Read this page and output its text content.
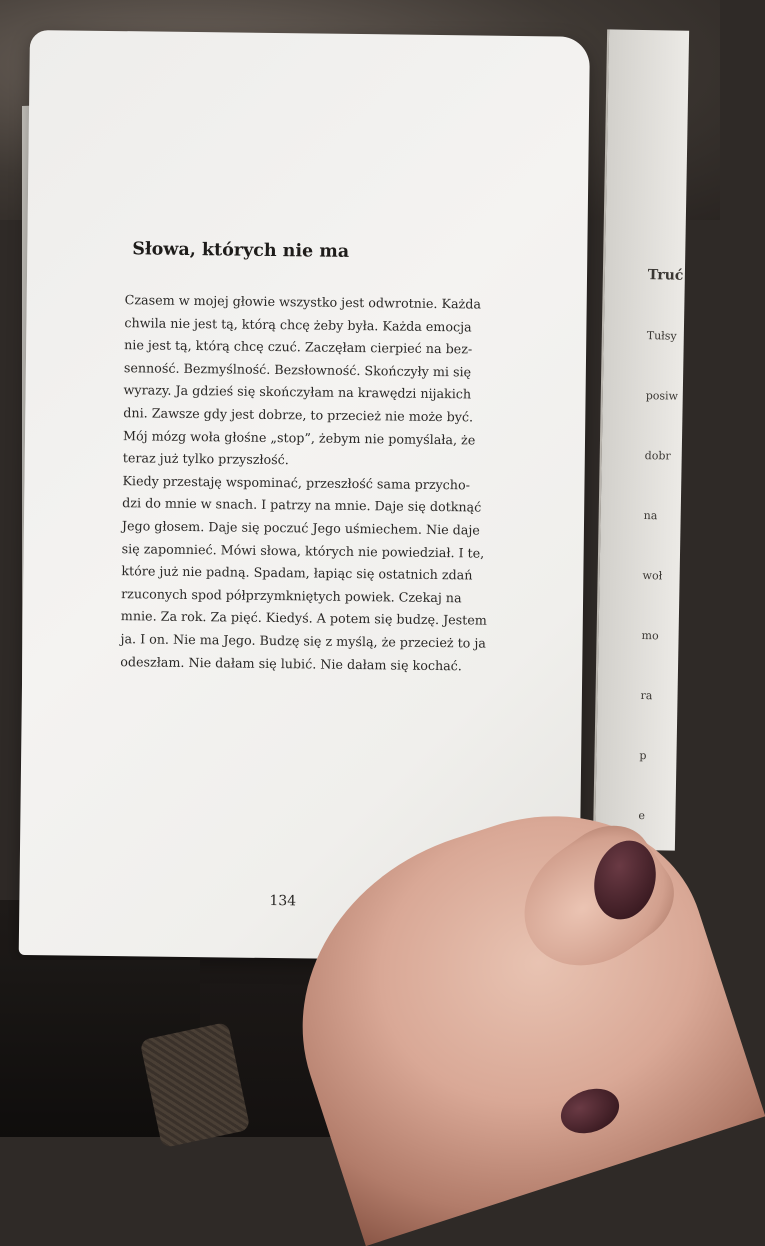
Truć

Tułsy

posiw

dobr

na

woł

mo

ra

p

e

Słowa, których nie ma
Czasem w mojej głowie wszystko jest odwrotnie. Każda
chwila nie jest tą, którą chcę żeby była. Każda emocja
nie jest tą, którą chcę czuć. Zaczęłam cierpieć na bez-
senność. Bezmyślność. Bezsłowność. Skończyły mi się
wyrazy. Ja gdzieś się skończyłam na krawędzi nijakich
dni. Zawsze gdy jest dobrze, to przecież nie może być.
Mój mózg woła głośne „stop”, żebym nie pomyślała, że
teraz już tylko przyszłość.
Kiedy przestaję wspominać, przeszłość sama przycho-
dzi do mnie w snach. I patrzy na mnie. Daje się dotknąć
Jego głosem. Daje się poczuć Jego uśmiechem. Nie daje
się zapomnieć. Mówi słowa, których nie powiedział. I te,
które już nie padną. Spadam, łapiąc się ostatnich zdań
rzuconych spod półprzymkniętych powiek. Czekaj na
mnie. Za rok. Za pięć. Kiedyś. A potem się budzę. Jestem
ja. I on. Nie ma Jego. Budzę się z myślą, że przecież to ja
odeszłam. Nie dałam się lubić. Nie dałam się kochać.
134
